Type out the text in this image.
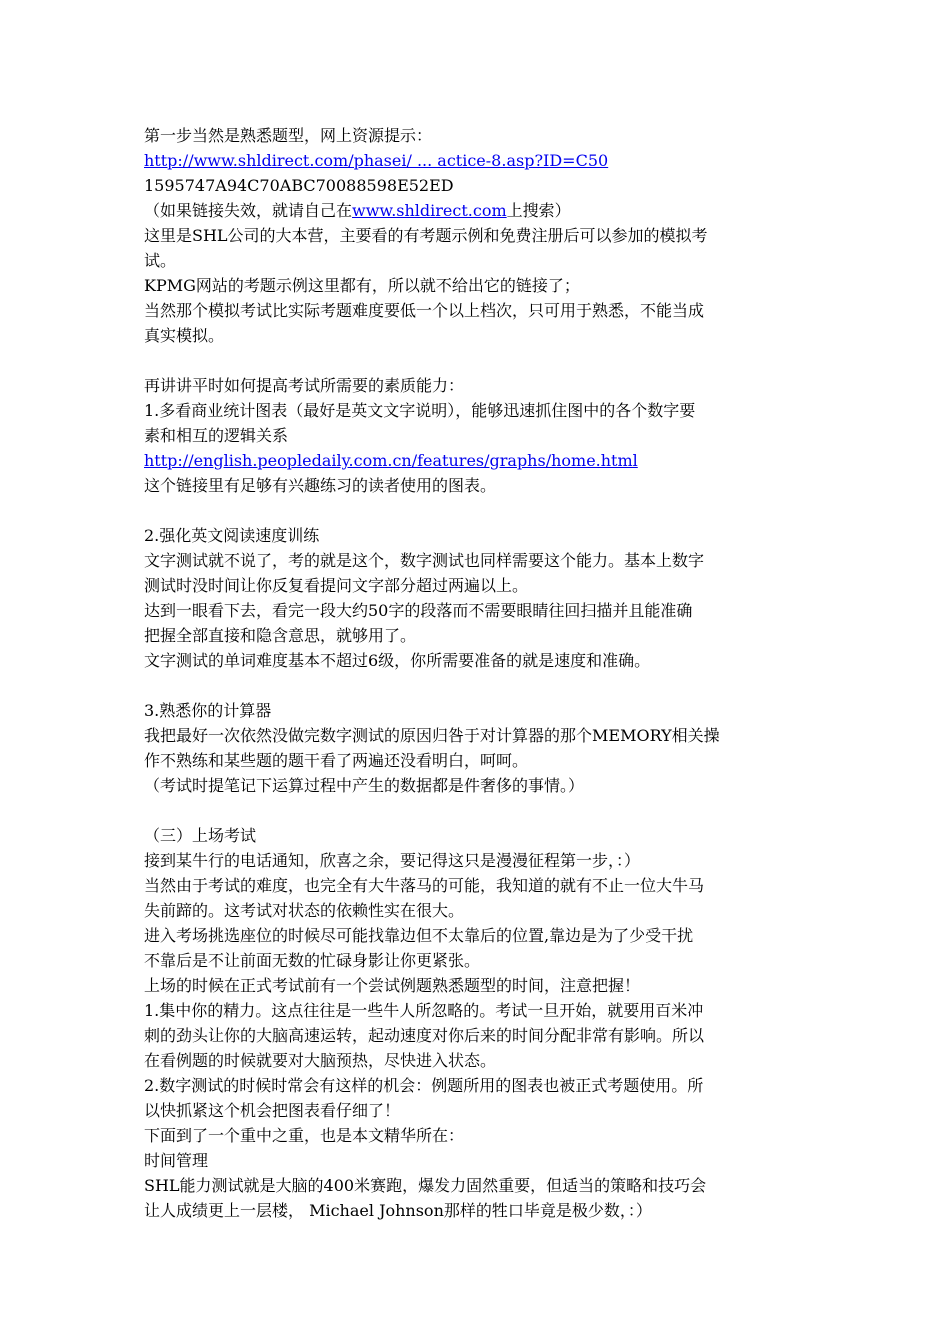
第一步当然是熟悉题型，网上资源提示：
http://www.shldirect.com/phasei/ ... actice-8.asp?ID=C50
1595747A94C70ABC70088598E52ED
（如果链接失效，就请自己在www.shldirect.com上搜索）
这里是SHL公司的大本营，主要看的有考题示例和免费注册后可以参加的模拟考
试。
KPMG网站的考题示例这里都有，所以就不给出它的链接了；
当然那个模拟考试比实际考题难度要低一个以上档次，只可用于熟悉，不能当成
真实模拟。
再讲讲平时如何提高考试所需要的素质能力：
1.多看商业统计图表（最好是英文文字说明），能够迅速抓住图中的各个数字要
素和相互的逻辑关系
http://english.peopledaily.com.cn/features/graphs/home.html
这个链接里有足够有兴趣练习的读者使用的图表。
2.强化英文阅读速度训练
文字测试就不说了，考的就是这个，数字测试也同样需要这个能力。基本上数字
测试时没时间让你反复看提问文字部分超过两遍以上。
达到一眼看下去，看完一段大约50字的段落而不需要眼睛往回扫描并且能准确
把握全部直接和隐含意思，就够用了。
文字测试的单词难度基本不超过6级，你所需要准备的就是速度和准确。
3.熟悉你的计算器
我把最好一次依然没做完数字测试的原因归咎于对计算器的那个MEMORY相关操
作不熟练和某些题的题干看了两遍还没看明白，呵呵。
（考试时提笔记下运算过程中产生的数据都是件奢侈的事情。）
（三）上场考试
接到某牛行的电话通知，欣喜之余，要记得这只是漫漫征程第一步，：）
当然由于考试的难度，也完全有大牛落马的可能，我知道的就有不止一位大牛马
失前蹄的。这考试对状态的依赖性实在很大。
进入考场挑选座位的时候尽可能找靠边但不太靠后的位置,靠边是为了少受干扰
不靠后是不让前面无数的忙碌身影让你更紧张。
上场的时候在正式考试前有一个尝试例题熟悉题型的时间，注意把握！
1.集中你的精力。这点往往是一些牛人所忽略的。考试一旦开始，就要用百米冲
刺的劲头让你的大脑高速运转，起动速度对你后来的时间分配非常有影响。所以
在看例题的时候就要对大脑预热，尽快进入状态。
2.数字测试的时候时常会有这样的机会：例题所用的图表也被正式考题使用。所
以快抓紧这个机会把图表看仔细了！
下面到了一个重中之重，也是本文精华所在：
时间管理
SHL能力测试就是大脑的400米赛跑，爆发力固然重要，但适当的策略和技巧会
让人成绩更上一层楼， Michael Johnson那样的牲口毕竟是极少数，：）
